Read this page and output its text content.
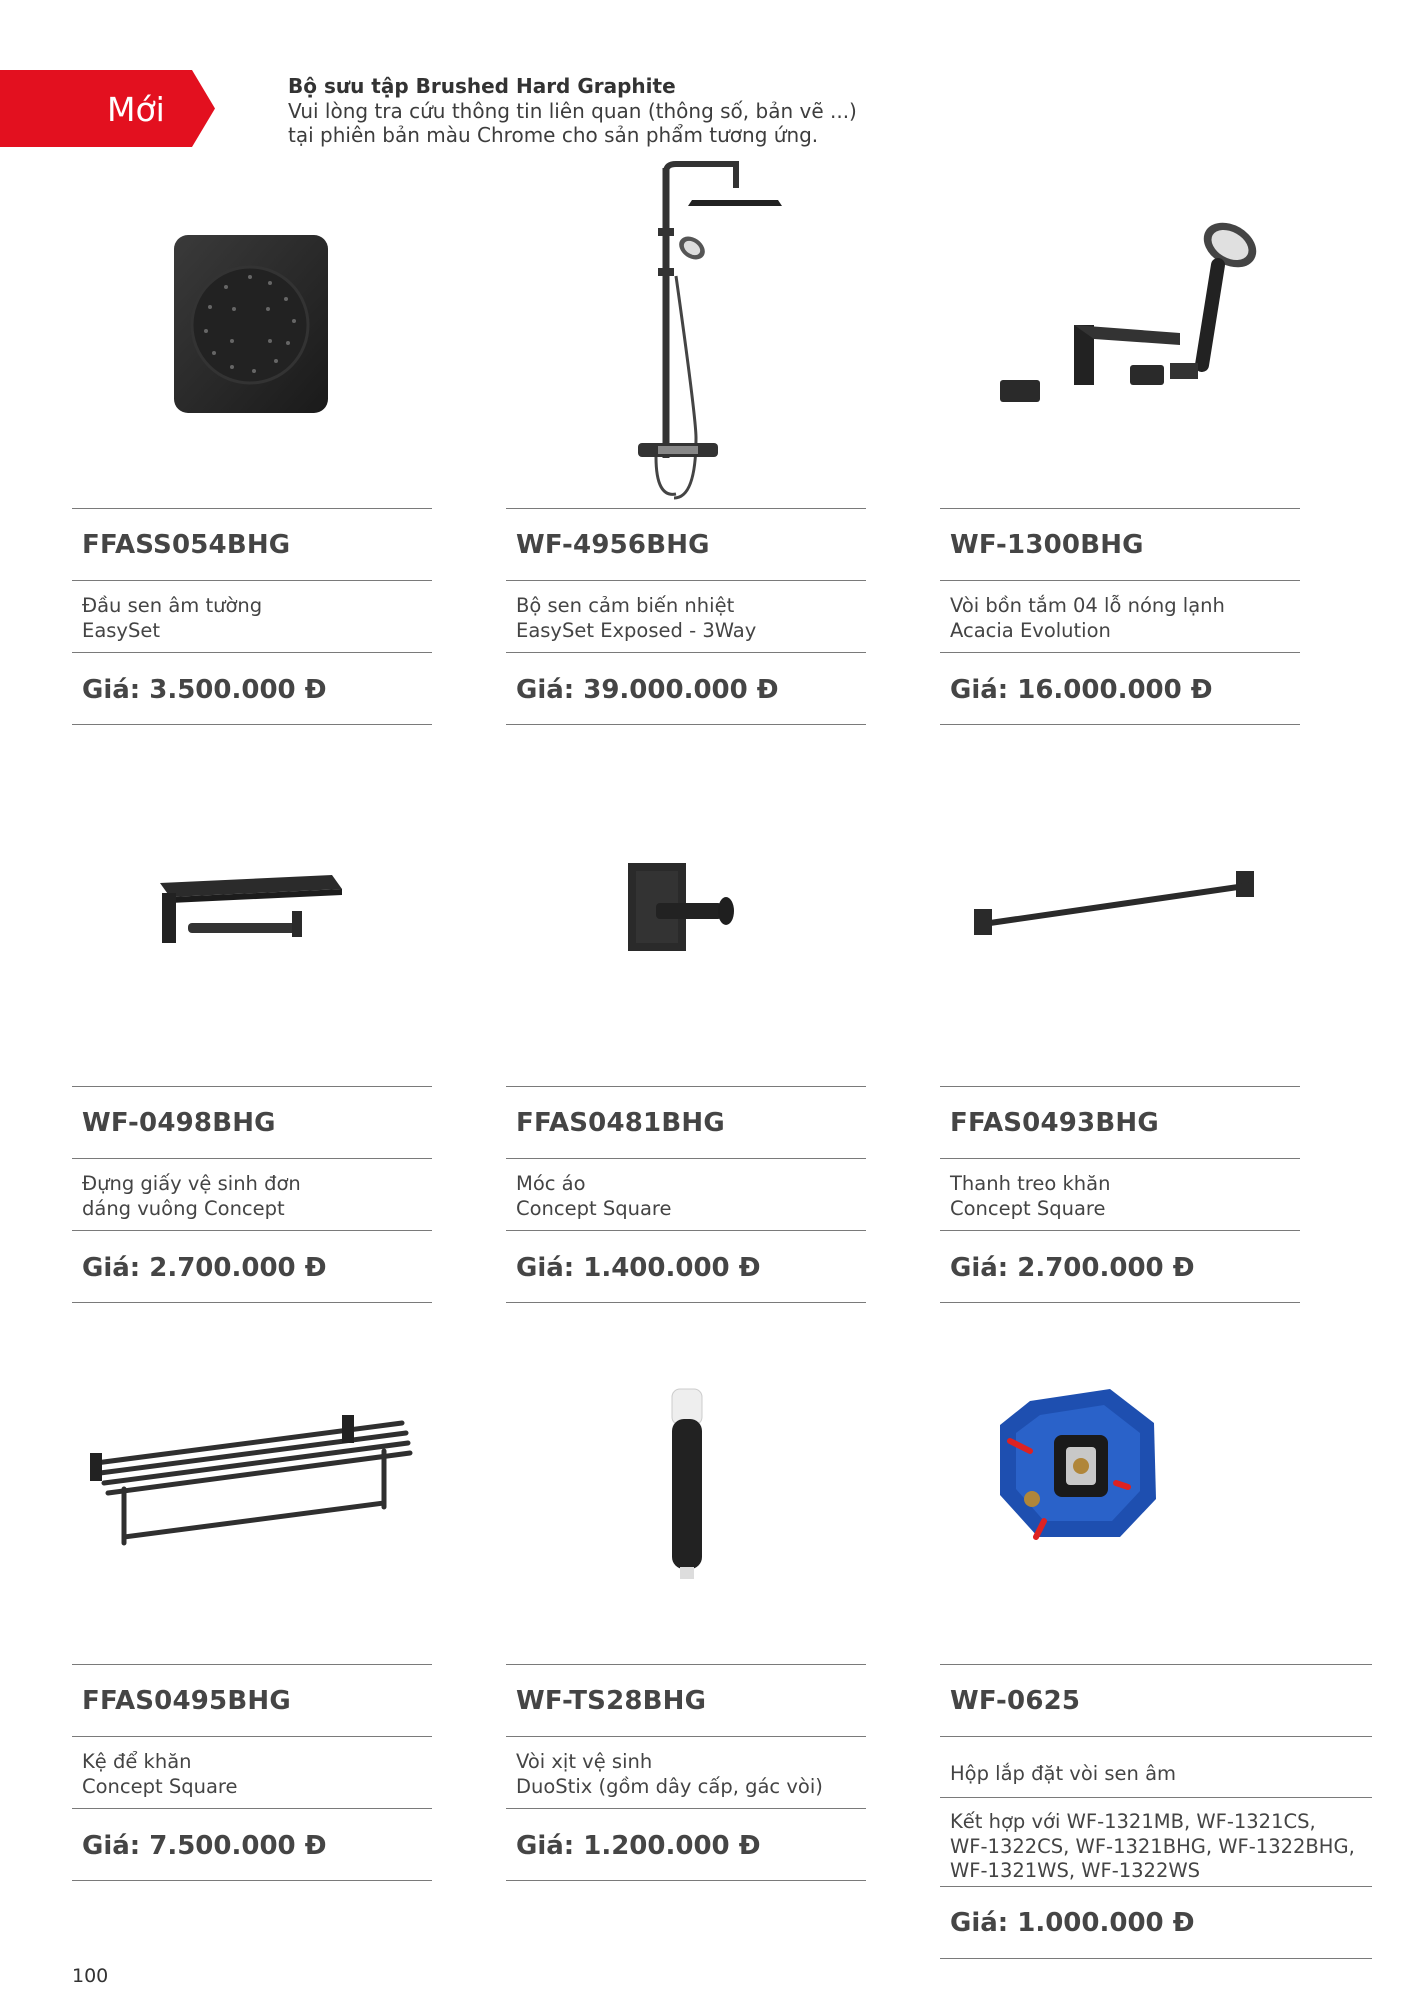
Mới
Bộ sưu tập Brushed Hard Graphite
Vui lòng tra cứu thông tin liên quan (thông số, bản vẽ ...)
tại phiên bản màu Chrome cho sản phẩm tương ứng.
FFASS054BHG
Đầu sen âm tường
EasySet
Giá: 3.500.000 Đ
WF-4956BHG
Bộ sen cảm biến nhiệt
EasySet Exposed - 3Way
Giá: 39.000.000 Đ
WF-1300BHG
Vòi bồn tắm 04 lỗ nóng lạnh
Acacia Evolution
Giá: 16.000.000 Đ
WF-0498BHG
Đựng giấy vệ sinh đơn
dáng vuông Concept
Giá: 2.700.000 Đ
FFAS0481BHG
Móc áo
Concept Square
Giá: 1.400.000 Đ
FFAS0493BHG
Thanh treo khăn
Concept Square
Giá: 2.700.000 Đ
FFAS0495BHG
Kệ để khăn
Concept Square
Giá: 7.500.000 Đ
WF-TS28BHG
Vòi xịt vệ sinh
DuoStix (gồm dây cấp, gác vòi)
Giá: 1.200.000 Đ
WF-0625
Hộp lắp đặt vòi sen âm
Kết hợp với WF-1321MB, WF-1321CS,
WF-1322CS, WF-1321BHG, WF-1322BHG,
WF-1321WS, WF-1322WS
Giá: 1.000.000 Đ
100
